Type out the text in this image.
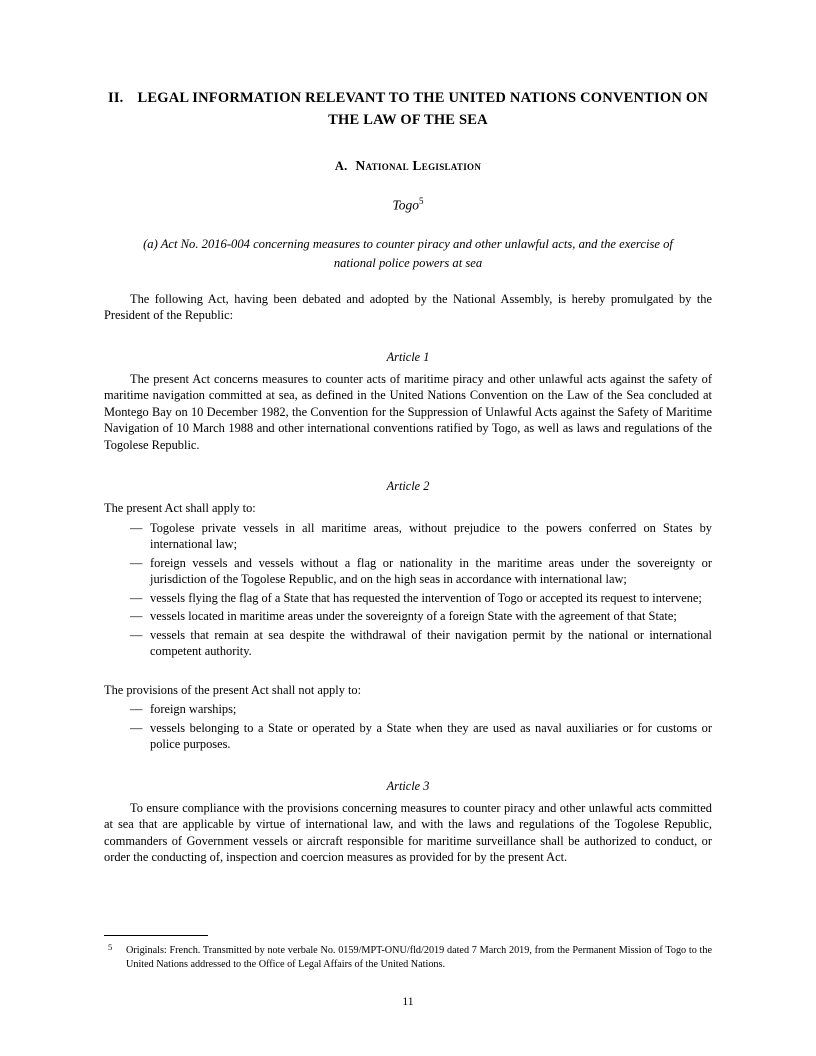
II. LEGAL INFORMATION RELEVANT TO THE UNITED NATIONS CONVENTION ON THE LAW OF THE SEA
A. National Legislation
Togo$^5$
(a) Act No. 2016-004 concerning measures to counter piracy and other unlawful acts, and the exercise of national police powers at sea

The following Act, having been debated and adopted by the National Assembly, is hereby promulgated by the President of the Republic:

Article 1

The present Act concerns measures to counter acts of maritime piracy and other unlawful acts against the safety of maritime navigation committed at sea, as defined in the United Nations Convention on the Law of the Sea concluded at Montego Bay on 10 December 1982, the Convention for the Suppression of Unlawful Acts against the Safety of Maritime Navigation of 10 March 1988 and other international conventions ratified by Togo, as well as laws and regulations of the Togolese Republic.

Article 2

The present Act shall apply to:

— Togolese private vessels in all maritime areas, without prejudice to the powers conferred on States by international law;
— foreign vessels and vessels without a flag or nationality in the maritime areas under the sovereignty or jurisdiction of the Togolese Republic, and on the high seas in accordance with international law;
— vessels flying the flag of a State that has requested the intervention of Togo or accepted its request to intervene;
— vessels located in maritime areas under the sovereignty of a foreign State with the agreement of that State;
— vessels that remain at sea despite the withdrawal of their navigation permit by the national or international competent authority.

The provisions of the present Act shall not apply to:

— foreign warships;
— vessels belonging to a State or operated by a State when they are used as naval auxiliaries or for customs or police purposes.
Article 3

To ensure compliance with the provisions concerning measures to counter piracy and other unlawful acts committed at sea that are applicable by virtue of international law, and with the laws and regulations of the Togolese Republic, commanders of Government vessels or aircraft responsible for maritime surveillance shall be authorized to conduct, or order the conducting of, inspection and coercion measures as provided for by the present Act.

5 Originals: French. Transmitted by note verbale No. 0159/MPT-ONU/fld/2019 dated 7 March 2019, from the Permanent Mission of Togo to the United Nations addressed to the Office of Legal Affairs of the United Nations.
11
